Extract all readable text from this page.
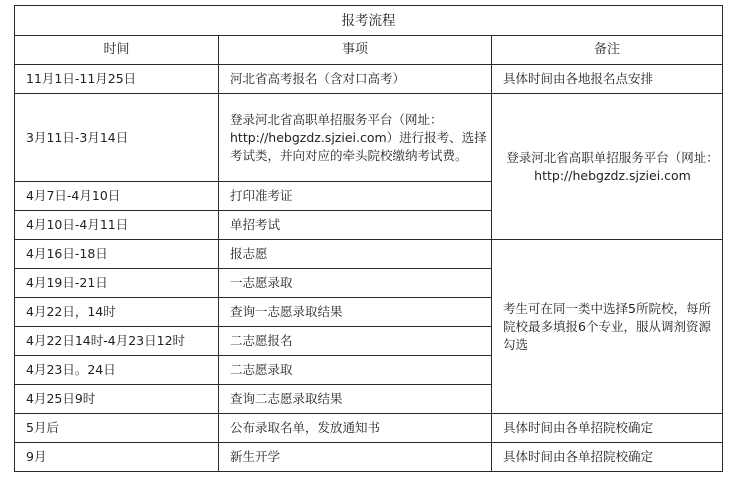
报考流程		
时间	事项	备注
11月1日-11月25日	河北省高考报名（含对口高考）	具体时间由各地报名点安排
3月11日-3月14日	登录河北省高职单招服务平台（网址：http://hebgzdz.sjziei.com）进行报考、选择考试类，并向对应的牵头院校缴纳考试费。	登录河北省高职单招服务平台（网址：http://hebgzdz.sjziei.com
4月7日-4月10日	打印准考证	
4月10日-4月11日	单招考试	
4月16日-18日	报志愿	考生可在同一类中选择5所院校，每所院校最多填报6个专业，服从调剂资源勾选
4月19日-21日	一志愿录取	
4月22日，14时	查询一志愿录取结果	
4月22日14时-4月23日12时	二志愿报名	
4月23日。24日	二志愿录取	
4月25日9时	查询二志愿录取结果	
5月后	公布录取名单，发放通知书	具体时间由各单招院校确定
9月	新生开学	具体时间由各单招院校确定
